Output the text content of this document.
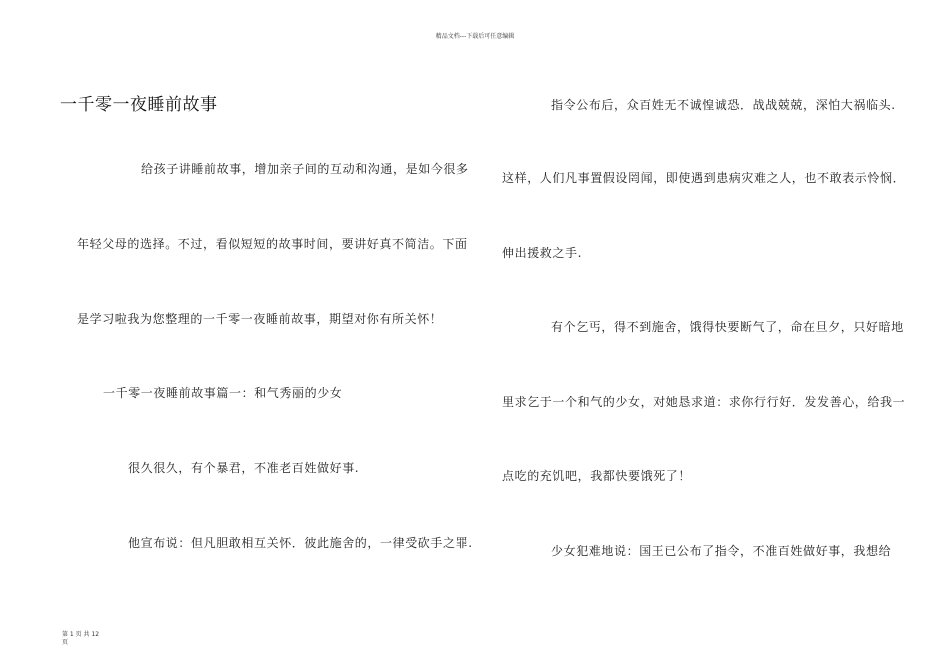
精品文档---下载后可任意编辑
一千零一夜睡前故事
给孩子讲睡前故事，增加亲子间的互动和沟通，是如今很多
年轻父母的选择。不过，看似短短的故事时间，要讲好真不简洁。下面
是学习啦我为您整理的一千零一夜睡前故事，期望对你有所关怀！
一千零一夜睡前故事篇一：和气秀丽的少女
很久很久，有个暴君，不准老百姓做好事.
他宣布说：但凡胆敢相互关怀．彼此施舍的，一律受砍手之罪.
指令公布后，众百姓无不诚惶诚恐．战战兢兢，深怕大祸临头.
这样，人们凡事置假设罔闻，即使遇到患病灾难之人，也不敢表示怜悯．
伸出援救之手.
有个乞丐，得不到施舍，饿得快要断气了，命在旦夕，只好暗地
里求乞于一个和气的少女，对她恳求道：求你行行好．发发善心，给我一
点吃的充饥吧，我都快要饿死了！
少女犯难地说：国王已公布了指令，不准百姓做好事，我想给
第 1 页 共 12
页
